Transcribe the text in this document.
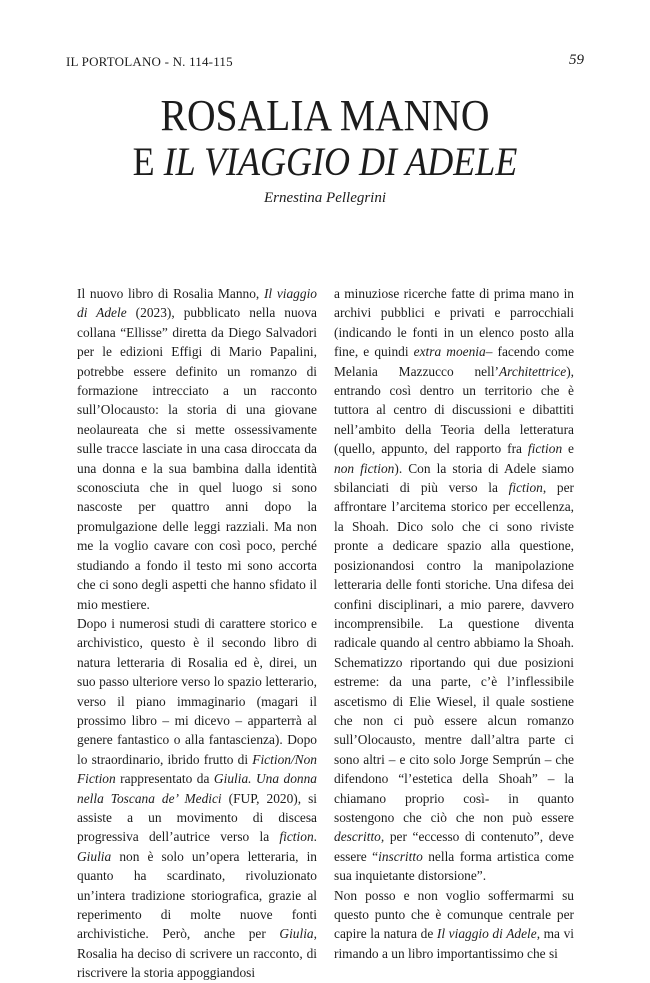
IL PORTOLANO - N. 114-115	59
ROSALIA MANNO
E IL VIAGGIO DI ADELE
Ernestina Pellegrini

Il nuovo libro di Rosalia Manno, Il viaggio di Adele (2023), pubblicato nella nuova collana “Ellisse” diretta da Diego Salvadori per le edizioni Effigi di Mario Papalini, potrebbe essere definito un romanzo di formazione intrecciato a un racconto sull’Olocausto: la storia di una giovane neolaureata che si mette ossessivamente sulle tracce lasciate in una casa diroccata da una donna e la sua bambina dalla identità sconosciuta che in quel luogo si sono nascoste per quattro anni dopo la promulgazione delle leggi razziali. Ma non me la voglio cavare con così poco, perché studiando a fondo il testo mi sono accorta che ci sono degli aspetti che hanno sfidato il mio mestiere.

Dopo i numerosi studi di carattere storico e archivistico, questo è il secondo libro di natura letteraria di Rosalia ed è, direi, un suo passo ulteriore verso lo spazio letterario, verso il piano immaginario (magari il prossimo libro – mi dicevo – apparterrà al genere fantastico o alla fantascienza). Dopo lo straordinario, ibrido frutto di Fiction/Non Fiction rappresentato da Giulia. Una donna nella Toscana de’ Medici (FUP, 2020), si assiste a un movimento di discesa progressiva dell’autrice verso la fiction. Giulia non è solo un’opera letteraria, in quanto ha scardinato, rivoluzionato un’intera tradizione storiografica, grazie al reperimento di molte nuove fonti archivistiche. Però, anche per Giulia, Rosalia ha deciso di scrivere un racconto, di riscrivere la storia appoggiandosi

a minuziose ricerche fatte di prima mano in archivi pubblici e privati e parrocchiali (indicando le fonti in un elenco posto alla fine, e quindi extra moenia– facendo come Melania Mazzucco nell’Architettrice), entrando così dentro un territorio che è tuttora al centro di discussioni e dibattiti nell’ambito della Teoria della letteratura (quello, appunto, del rapporto fra fiction e non fiction). Con la storia di Adele siamo sbilanciati di più verso la fiction, per affrontare l’arcitema storico per eccellenza, la Shoah. Dico solo che ci sono riviste pronte a dedicare spazio alla questione, posizionandosi contro la manipolazione letteraria delle fonti storiche. Una difesa dei confini disciplinari, a mio parere, davvero incomprensibile. La questione diventa radicale quando al centro abbiamo la Shoah. Schematizzo riportando qui due posizioni estreme: da una parte, c’è l’inflessibile ascetismo di Elie Wiesel, il quale sostiene che non ci può essere alcun romanzo sull’Olocausto, mentre dall’altra parte ci sono altri – e cito solo Jorge Semprún – che difendono “l’estetica della Shoah” – la chiamano proprio così- in quanto sostengono che ciò che non può essere descritto, per “eccesso di contenuto”, deve essere “inscritto nella forma artistica come sua inquietante distorsione”.

Non posso e non voglio soffermarmi su questo punto che è comunque centrale per capire la natura de Il viaggio di Adele, ma vi rimando a un libro importantissimo che si
